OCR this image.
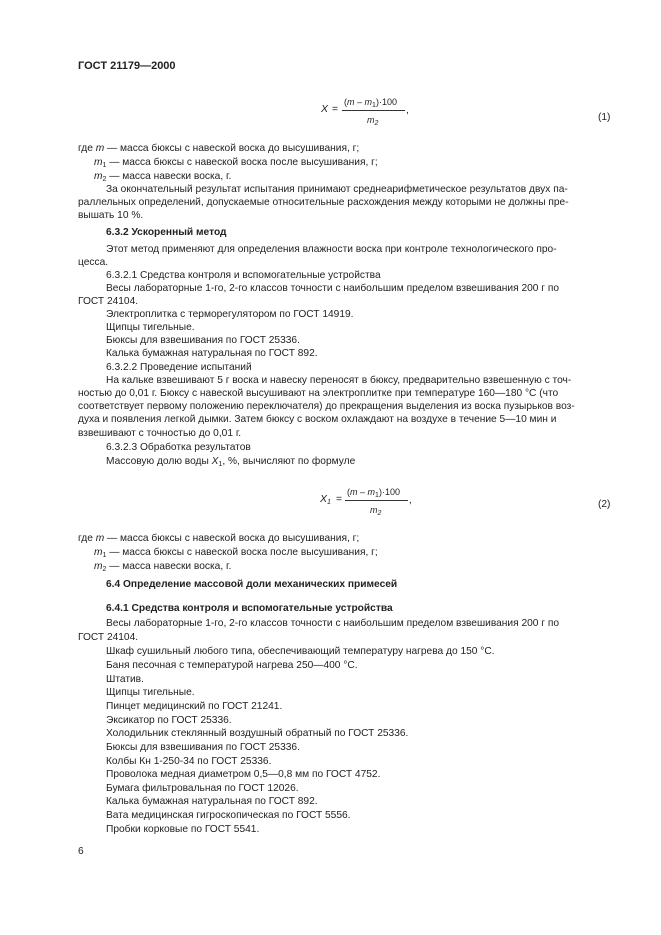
ГОСТ 21179—2000
X =
$(m - m_1)\cdot 100$
$m_2$
,
(1)
где m — масса бюксы с навеской воска до высушивания, г;
$m_1$ — масса бюксы с навеской воска после высушивания, г;
$m_2$ — масса навески воска, г.
За окончательный результат испытания принимают среднеарифметическое результатов двух па-
раллельных определений, допускаемые относительные расхождения между которыми не должны пре-
вышать 10 %.
6.3.2 Ускоренный метод
Этот метод применяют для определения влажности воска при контроле технологического про-
цесса.
6.3.2.1 Средства контроля и вспомогательные устройства
Весы лабораторные 1-го, 2-го классов точности с наибольшим пределом взвешивания 200 г по
ГОСТ 24104.
Электроплитка с терморегулятором по ГОСТ 14919.
Щипцы тигельные.
Бюксы для взвешивания по ГОСТ 25336.
Калька бумажная натуральная по ГОСТ 892.
6.3.2.2 Проведение испытаний
На кальке взвешивают 5 г воска и навеску переносят в бюксу, предварительно взвешенную с точ-
ностью до 0,01 г. Бюксу с навеской высушивают на электроплитке при температуре 160—180 °С (что
соответствует первому положению переключателя) до прекращения выделения из воска пузырьков воз-
духа и появления легкой дымки. Затем бюксу с воском охлаждают на воздухе в течение 5—10 мин и
взвешивают с точностью до 0,01 г.
6.3.2.3 Обработка результатов
Массовую долю воды $X_1$, %, вычисляют по формуле
$X_1$ =
$(m - m_1)\cdot 100$
$m_2$
,	(2)
где m — масса бюксы с навеской воска до высушивания, г;
$m_1$ — масса бюксы с навеской воска после высушивания, г;
$m_2$ — масса навески воска, г.
6.4 Определение массовой доли механических примесей
6.4.1 Средства контроля и вспомогательные устройства
Весы лабораторные 1-го, 2-го классов точности с наибольшим пределом взвешивания 200 г по
ГОСТ 24104.
Шкаф сушильный любого типа, обеспечивающий температуру нагрева до 150 °С.
Баня песочная с температурой нагрева 250—400 °С.
Штатив.
Щипцы тигельные.
Пинцет медицинский по ГОСТ 21241.
Эксикатор по ГОСТ 25336.
Холодильник стеклянный воздушный обратный по ГОСТ 25336.
Бюксы для взвешивания по ГОСТ 25336.
Колбы Кн 1-250-34 по ГОСТ 25336.
Проволока медная диаметром 0,5—0,8 мм по ГОСТ 4752.
Бумага фильтровальная по ГОСТ 12026.
Калька бумажная натуральная по ГОСТ 892.
Вата медицинская гигроскопическая по ГОСТ 5556.
Пробки корковые по ГОСТ 5541.
6
